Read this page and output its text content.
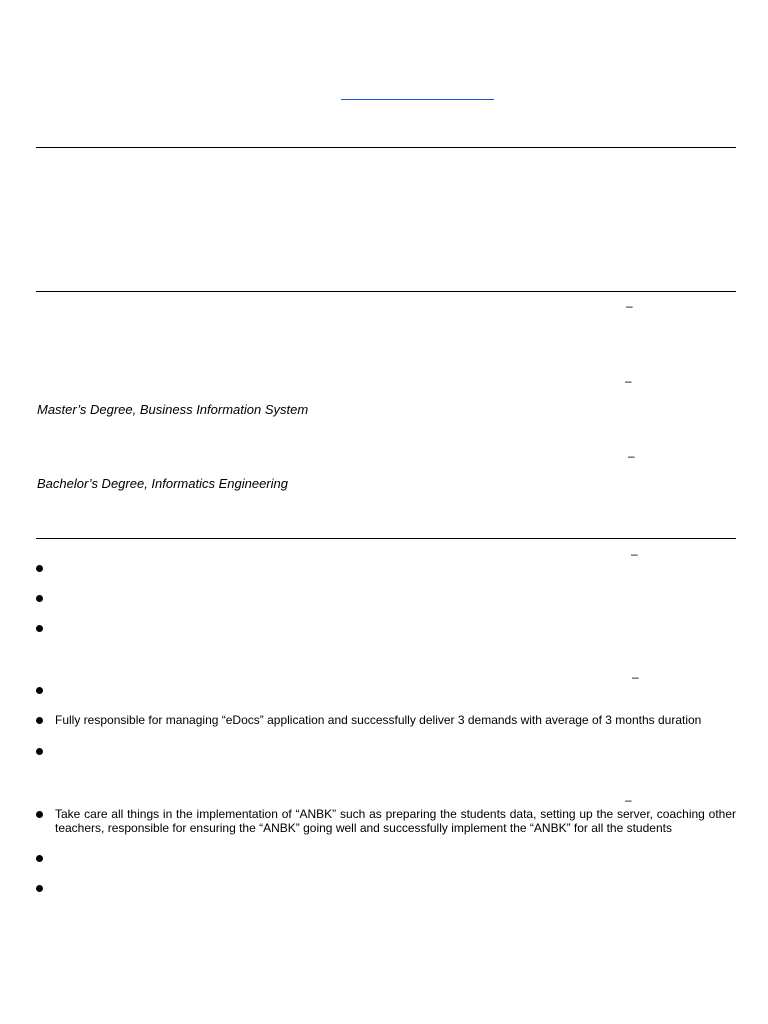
–
–
–
Master’s Degree, Business Information System
Bachelor’s Degree, Informatics Engineering
–
–
–
Fully responsible for managing “eDocs” application and successfully deliver 3 demands with average of 3 months duration
Take care all things in the implementation of “ANBK” such as preparing the students data, setting up the server, coaching other teachers, responsible for ensuring the “ANBK” going well and successfully implement the “ANBK” for all the students
